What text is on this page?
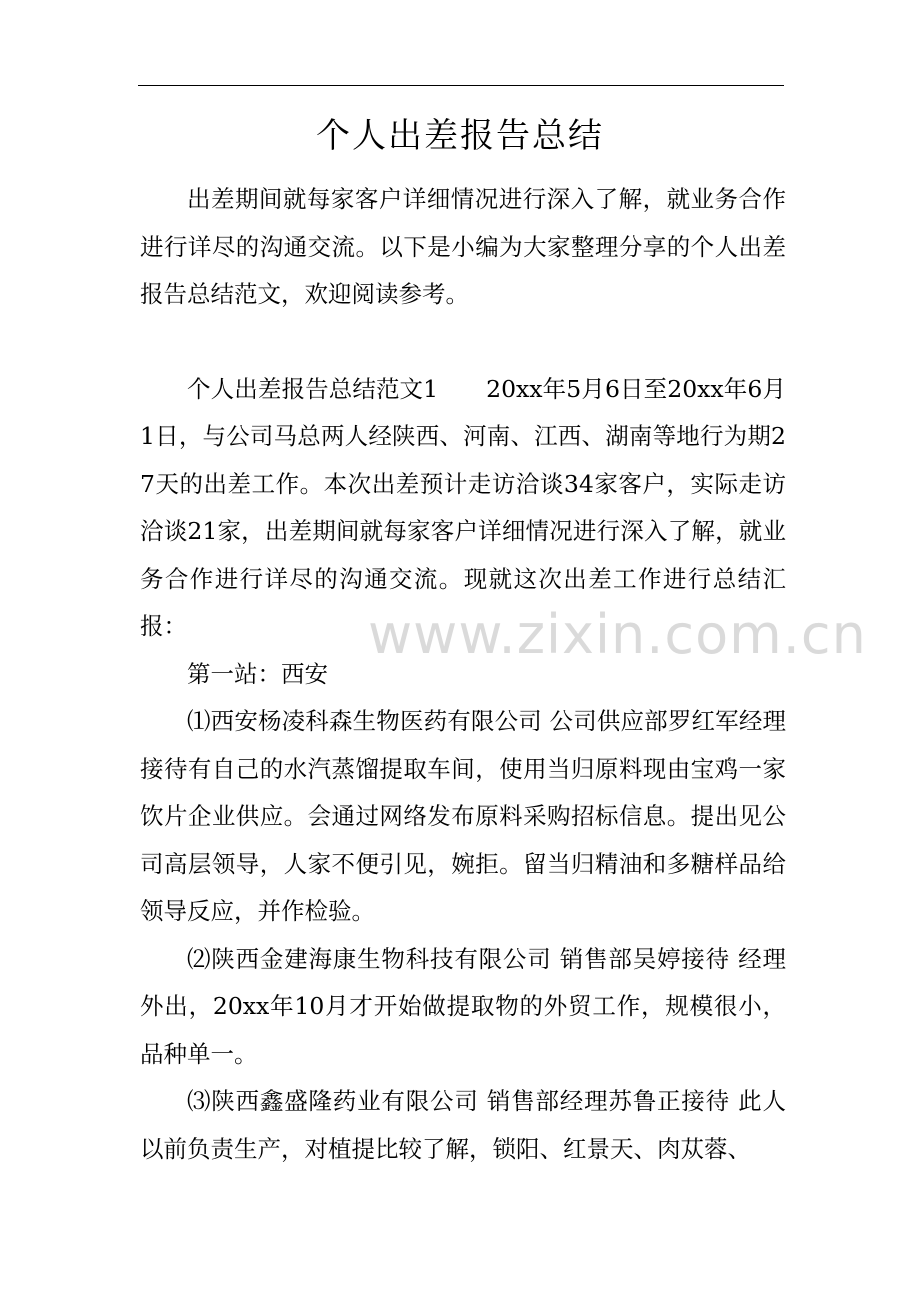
个人出差报告总结

出差期间就每家客户详细情况进行深入了解，就业务合作进行详尽的沟通交流。以下是小编为大家整理分享的个人出差报告总结范文，欢迎阅读参考。

个人出差报告总结范文1 20xx年5月6日至20xx年6月1日，与公司马总两人经陕西、河南、江西、湖南等地行为期27天的出差工作。本次出差预计走访洽谈34家客户，实际走访洽谈21家，出差期间就每家客户详细情况进行深入了解，就业务合作进行详尽的沟通交流。现就这次出差工作进行总结汇报：

第一站：西安

⑴西安杨凌科森生物医药有限公司 公司供应部罗红军经理接待有自己的水汽蒸馏提取车间，使用当归原料现由宝鸡一家饮片企业供应。会通过网络发布原料采购招标信息。提出见公司高层领导，人家不便引见，婉拒。留当归精油和多糖样品给领导反应，并作检验。

⑵陕西金建海康生物科技有限公司 销售部吴婷接待 经理外出，20xx年10月才开始做提取物的外贸工作，规模很小，品种单一。

⑶陕西鑫盛隆药业有限公司 销售部经理苏鲁正接待 此人以前负责生产，对植提比较了解，锁阳、红景天、肉苁蓉、

www.zixin.com.cn
